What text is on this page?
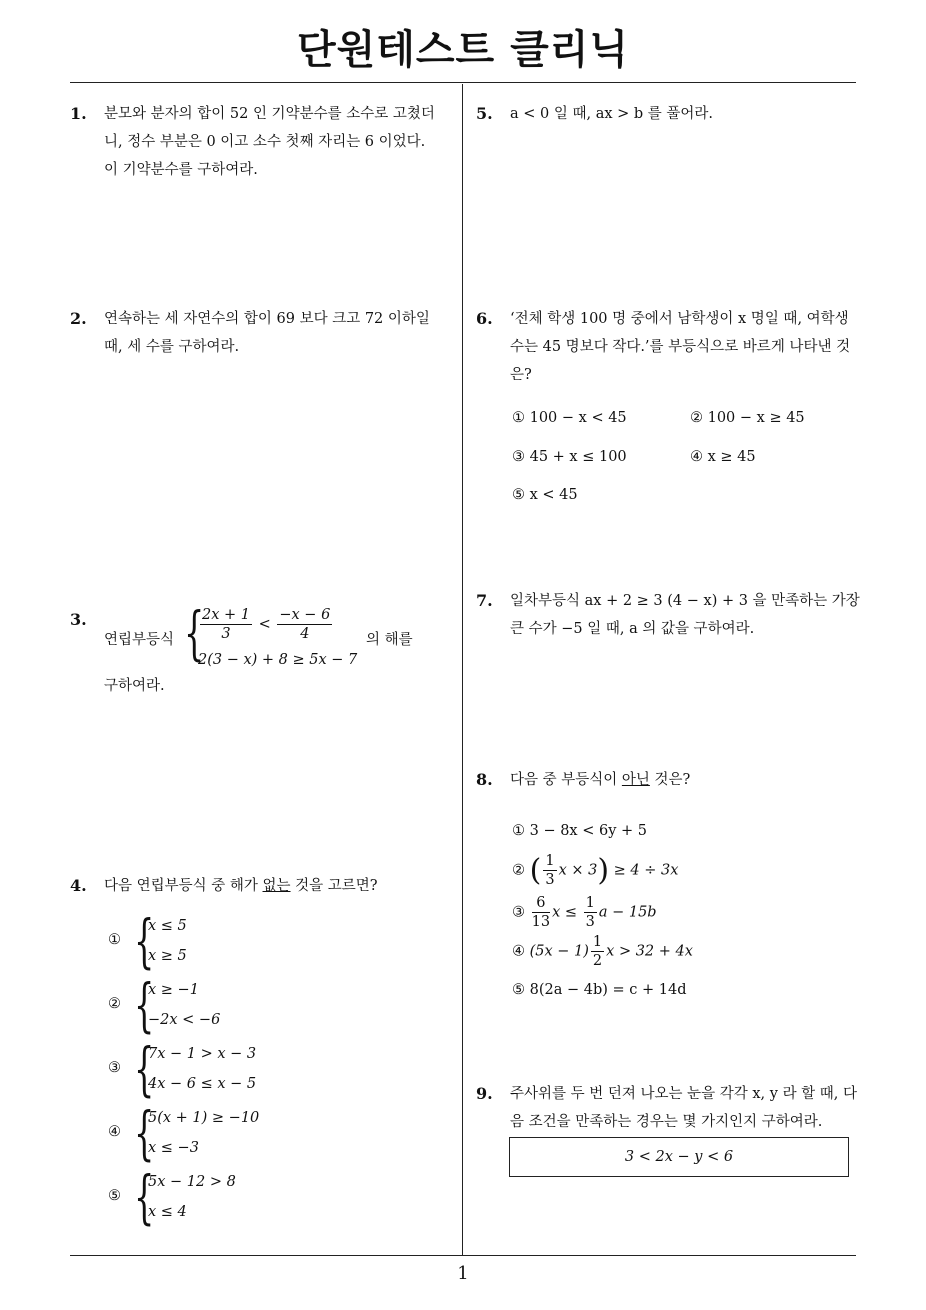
단원테스트 클리닉
1
1. 분모와 분자의 합이 52 인 기약분수를 소수로 고쳤더니, 정수 부분은 0 이고 소수 첫째 자리는 6 이었다. 이 기약분수를 구하여라.
2. 연속하는 세 자연수의 합이 69 보다 크고 72 이하일 때, 세 수를 구하여라.
3.
연립부등식 {
$\frac{2x + 1}{3} < \frac{-x - 6}{4}$
2(3 − x) + 8 ≥ 5x − 7
의 해를
구하여라.
4. 다음 연립부등식 중 해가 없는 것을 고르면?
① {
x ≤ 5
x ≥ 5
② {
x ≥ −1
−2x < −6
③ {
7x − 1 > x − 3
4x − 6 ≤ x − 5
④ {
5(x + 1) ≥ −10
x ≤ −3
⑤ {
5x − 12 > 8
x ≤ 4
5. a < 0 일 때, ax > b 를 풀어라.
6. ‘전체 학생 100 명 중에서 남학생이 x 명일 때, 여학생 수는 45 명보다 작다.’를 부등식으로 바르게 나타낸 것은?
① 100 − x < 45	② 100 − x ≥ 45
③ 45 + x ≤ 100	④ x ≥ 45
⑤ x < 45
7. 일차부등식 ax + 2 ≥ 3 (4 − x) + 3 을 만족하는 가장 큰 수가 −5 일 때, a 의 값을 구하여라.
8. 다음 중 부등식이 아닌 것은?
① 3 − 8x < 6y + 5
② ( $\frac{1}{3}$ x × 3) ≥ 4 ÷ 3x
③ $\frac{6}{13}$ $x \le \frac{1}{3}$ a − 15b
④ $(5x - 1) \frac{1}{2}$ x > 32 + 4x
⑤ 8(2a − 4b) = c + 14d
9. 주사위를 두 번 던져 나오는 눈을 각각 x, y 라 할 때, 다음 조건을 만족하는 경우는 몇 가지인지 구하여라.
3 < 2x − y < 6
